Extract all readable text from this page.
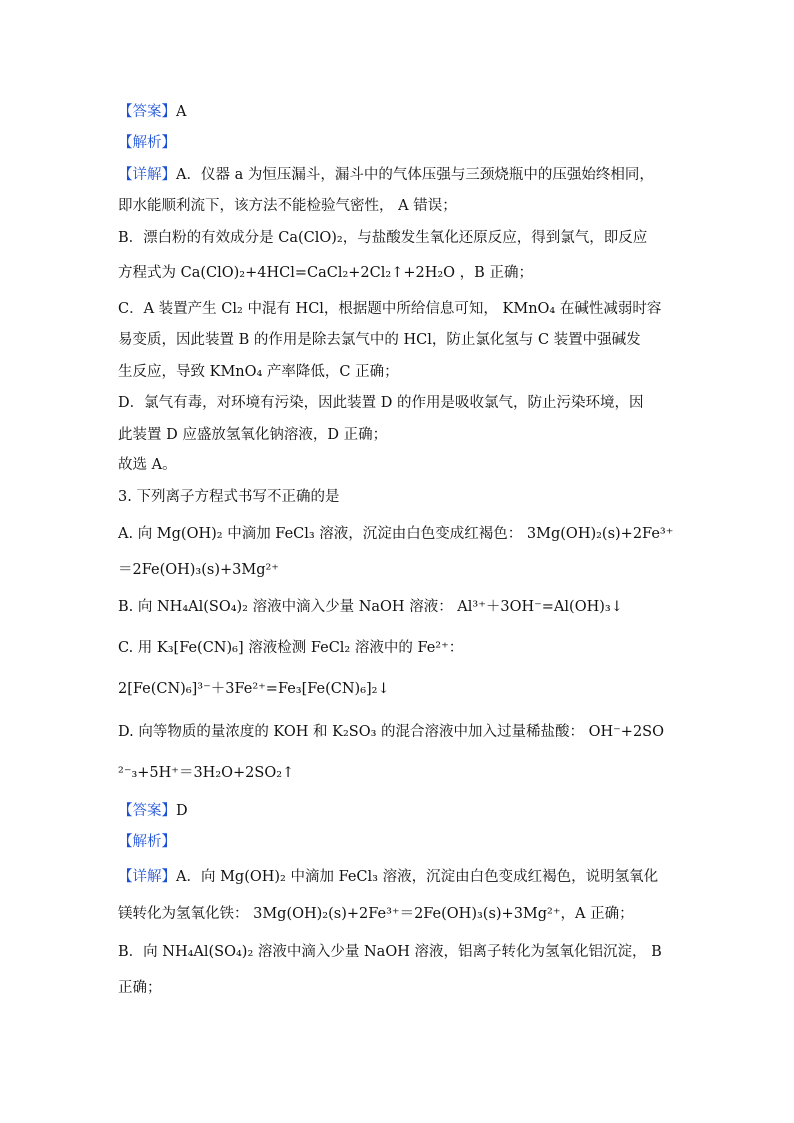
【答案】A
【解析】
【详解】A．仪器 a 为恒压漏斗，漏斗中的气体压强与三颈烧瓶中的压强始终相同，
即水能顺利流下，该方法不能检验气密性， A 错误；
B．漂白粉的有效成分是 Ca(ClO)₂，与盐酸发生氧化还原反应，得到氯气，即反应
方程式为 Ca(ClO)₂+4HCl=CaCl₂+2Cl₂↑+2H₂O ，B 正确；
C．A 装置产生 Cl₂ 中混有 HCl，根据题中所给信息可知， KMnO₄ 在碱性减弱时容
易变质，因此装置 B 的作用是除去氯气中的 HCl，防止氯化氢与 C 装置中强碱发
生反应，导致 KMnO₄ 产率降低，C 正确；
D．氯气有毒，对环境有污染，因此装置 D 的作用是吸收氯气，防止污染环境，因
此装置 D 应盛放氢氧化钠溶液，D 正确；
故选 A。
3. 下列离子方程式书写不正确的是
A. 向 Mg(OH)₂ 中滴加 FeCl₃ 溶液，沉淀由白色变成红褐色： 3Mg(OH)₂(s)+2Fe³⁺
＝2Fe(OH)₃(s)+3Mg²⁺
B. 向 NH₄Al(SO₄)₂ 溶液中滴入少量 NaOH 溶液： Al³⁺＋3OH⁻=Al(OH)₃↓
C. 用 K₃[Fe(CN)₆] 溶液检测 FeCl₂ 溶液中的 Fe²⁺：
2[Fe(CN)₆]³⁻＋3Fe²⁺=Fe₃[Fe(CN)₆]₂↓
D. 向等物质的量浓度的 KOH 和 K₂SO₃ 的混合溶液中加入过量稀盐酸： OH⁻+2SO
²⁻₃+5H⁺＝3H₂O+2SO₂↑
【答案】D
【解析】
【详解】A．向 Mg(OH)₂ 中滴加 FeCl₃ 溶液，沉淀由白色变成红褐色，说明氢氧化
镁转化为氢氧化铁： 3Mg(OH)₂(s)+2Fe³⁺＝2Fe(OH)₃(s)+3Mg²⁺，A 正确；
B．向 NH₄Al(SO₄)₂ 溶液中滴入少量 NaOH 溶液，铝离子转化为氢氧化铝沉淀， B
正确；
